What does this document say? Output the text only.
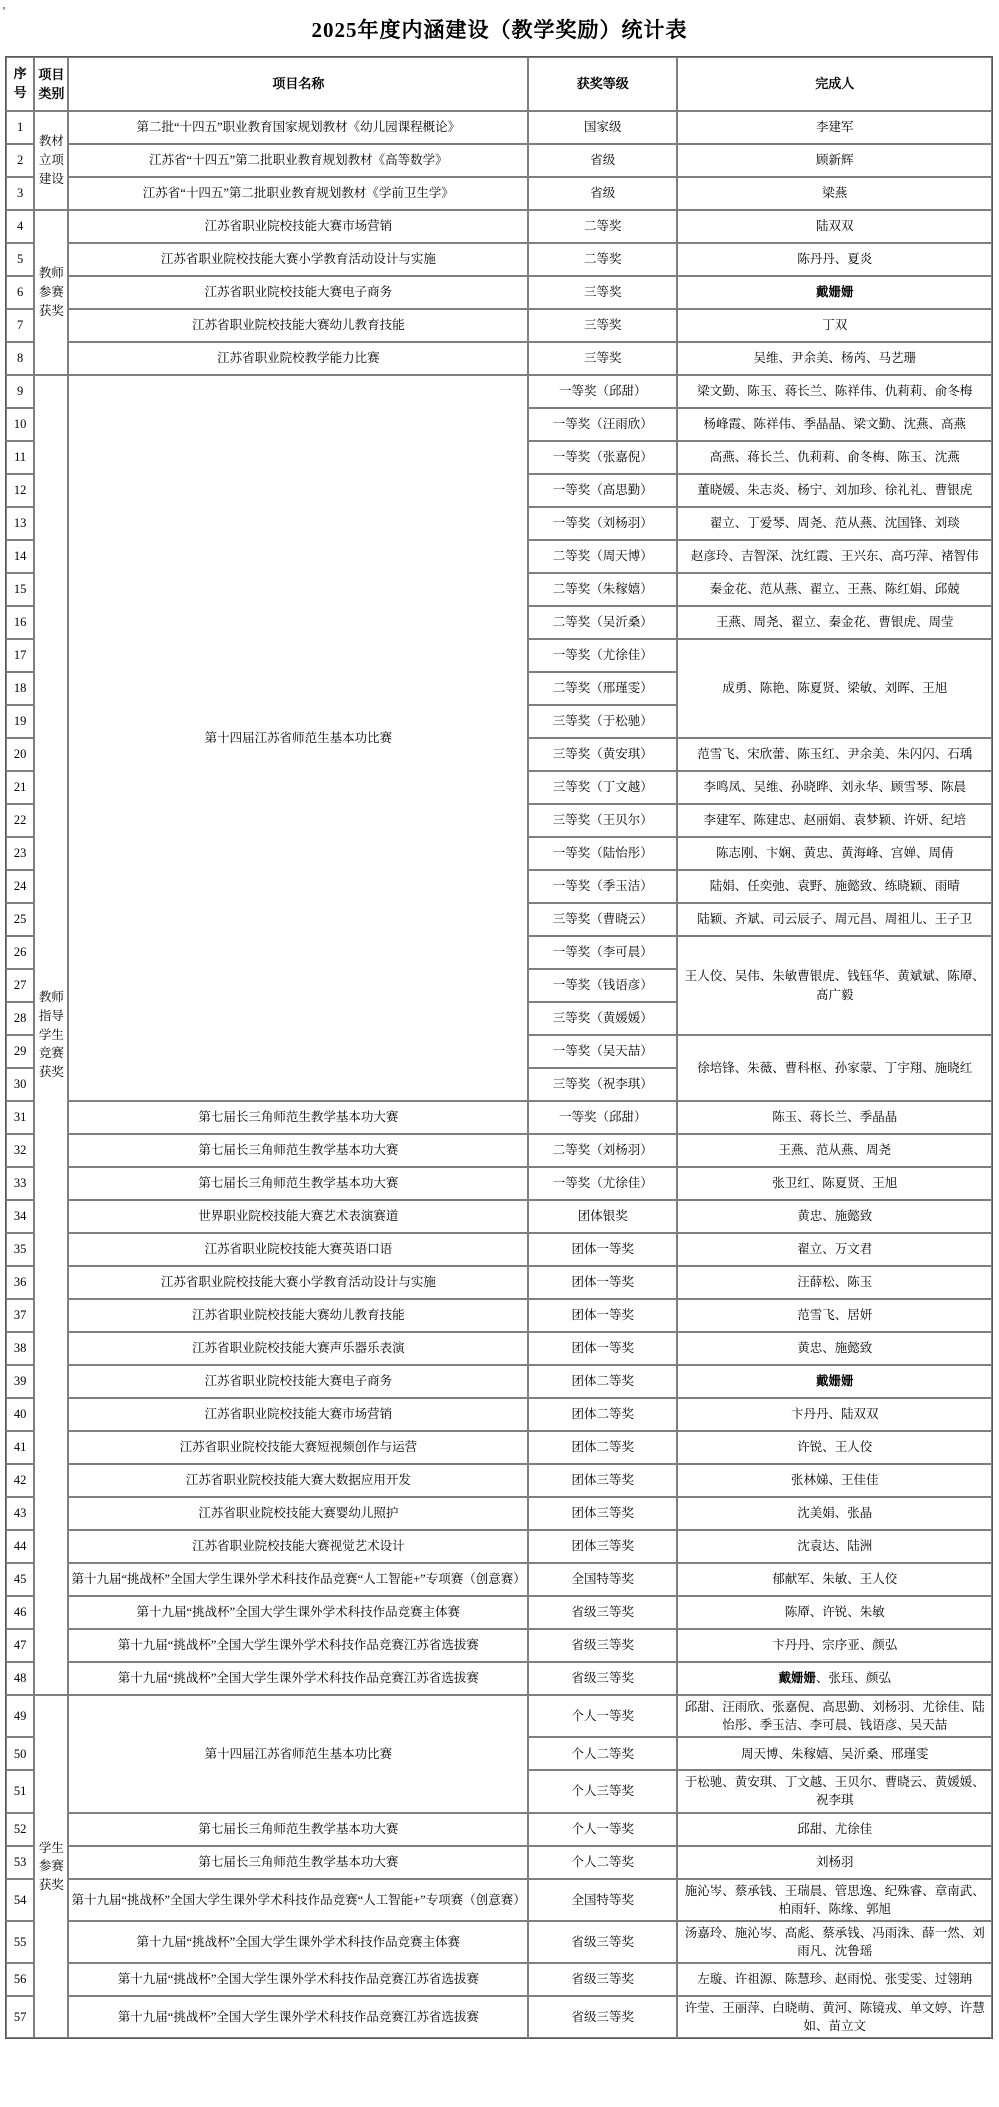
’
2025年度内涵建设（教学奖励）统计表
序号	项目类别	项目名称	获奖等级	完成人
1	教材立项建设	第二批“十四五”职业教育国家规划教材《幼儿园课程概论》	国家级	李建军
2		江苏省“十四五”第二批职业教育规划教材《高等数学》	省级	顾新辉
3		江苏省“十四五”第二批职业教育规划教材《学前卫生学》	省级	梁燕
4	教师参赛获奖	江苏省职业院校技能大赛市场营销	二等奖	陆双双
5		江苏省职业院校技能大赛小学教育活动设计与实施	二等奖	陈丹丹、夏炎
6		江苏省职业院校技能大赛电子商务	三等奖	戴姗姗
7		江苏省职业院校技能大赛幼儿教育技能	三等奖	丁双
8		江苏省职业院校教学能力比赛	三等奖	吴维、尹余美、杨芮、马艺珊
9	教师指导学生竞赛获奖	第十四届江苏省师范生基本功比赛	一等奖（邱甜）	梁文勤、陈玉、蒋长兰、陈祥伟、仇莉莉、俞冬梅
10			一等奖（汪雨欣）	杨峰霞、陈祥伟、季晶晶、梁文勤、沈燕、高燕
11			一等奖（张嘉倪）	高燕、蒋长兰、仇莉莉、俞冬梅、陈玉、沈燕
12			一等奖（高思勤）	董晓媛、朱志炎、杨宁、刘加珍、徐礼礼、曹银虎
13			一等奖（刘杨羽）	翟立、丁爱琴、周尧、范从燕、沈国锋、刘琰
14			二等奖（周天博）	赵彦玲、吉智深、沈红霞、王兴东、高巧萍、褚智伟
15			二等奖（朱稼嬉）	秦金花、范从燕、翟立、王燕、陈红娟、邱兢
16			二等奖（吴沂桑）	王燕、周尧、翟立、秦金花、曹银虎、周莹
17			一等奖（尤徐佳）	成勇、陈艳、陈夏贤、梁敏、刘晖、王旭
18			二等奖（邢瑾雯）	
19			三等奖（于松驰）	
20			三等奖（黄安琪）	范雪飞、宋欣蕾、陈玉红、尹余美、朱闪闪、石瑀
21			三等奖（丁文越）	李鸣凤、吴维、孙晓晔、刘永华、顾雪琴、陈晨
22			三等奖（王贝尔）	李建军、陈建忠、赵丽娟、袁梦颖、许妍、纪培
23			一等奖（陆怡彤）	陈志刚、卞娴、黄忠、黄海峰、宫婵、周倩
24			一等奖（季玉洁）	陆娟、任奕弛、袁野、施懿致、练晓颖、雨晴
25			三等奖（曹晓云）	陆颖、齐斌、司云辰子、周元昌、周祖儿、王子卫
26			一等奖（李可晨）	王人佼、吴伟、朱敏曹银虎、钱钰华、黄斌斌、陈厣、髙广毅
27			一等奖（钱语彦）	
28			三等奖（黄媛媛）	
29			一等奖（吴天喆）	徐培锋、朱薇、曹科枢、孙家蒙、丁宇翔、施晓红
30			三等奖（祝李琪）	
31		第七届长三角师范生教学基本功大赛	一等奖（邱甜）	陈玉、蒋长兰、季晶晶
32		第七届长三角师范生教学基本功大赛	二等奖（刘杨羽）	王燕、范从燕、周尧
33		第七届长三角师范生教学基本功大赛	一等奖（尤徐佳）	张卫红、陈夏贤、王旭
34		世界职业院校技能大赛艺术表演赛道	团体银奖	黄忠、施懿致
35		江苏省职业院校技能大赛英语口语	团体一等奖	翟立、万文君
36		江苏省职业院校技能大赛小学教育活动设计与实施	团体一等奖	汪薛松、陈玉
37		江苏省职业院校技能大赛幼儿教育技能	团体一等奖	范雪飞、居妍
38		江苏省职业院校技能大赛声乐器乐表演	团体一等奖	黄忠、施懿致
39		江苏省职业院校技能大赛电子商务	团体二等奖	戴姗姗
40		江苏省职业院校技能大赛市场营销	团体二等奖	卞丹丹、陆双双
41		江苏省职业院校技能大赛短视频创作与运营	团体二等奖	许锐、王人佼
42		江苏省职业院校技能大赛大数据应用开发	团体三等奖	张林娣、王佳佳
43		江苏省职业院校技能大赛婴幼儿照护	团体三等奖	沈美娟、张晶
44		江苏省职业院校技能大赛视觉艺术设计	团体三等奖	沈袁达、陆洲
45		第十九届“挑战杯”全国大学生课外学术科技作品竞赛“人工智能+”专项赛（创意赛）	全国特等奖	郁献军、朱敏、王人佼
46		第十九届“挑战杯”全国大学生课外学术科技作品竞赛主体赛	省级三等奖	陈厣、许锐、朱敏
47		第十九届“挑战杯”全国大学生课外学术科技作品竞赛江苏省选拔赛	省级三等奖	卞丹丹、宗序亚、颜弘
48		第十九届“挑战杯”全国大学生课外学术科技作品竞赛江苏省选拔赛	省级三等奖	戴姗姗、张珏、颜弘
49	学生参赛获奖	第十四届江苏省师范生基本功比赛	个人一等奖	邱甜、汪雨欣、张嘉倪、高思勤、刘杨羽、尤徐佳、陆怡彤、季玉洁、李可晨、钱语彦、吴天喆
50			个人二等奖	周天博、朱稼嬉、吴沂桑、邢瑾雯
51			个人三等奖	于松驰、黄安琪、丁文越、王贝尔、曹晓云、黄媛媛、祝李琪
52		第七届长三角师范生教学基本功大赛	个人一等奖	邱甜、尤徐佳
53		第七届长三角师范生教学基本功大赛	个人二等奖	刘杨羽
54		第十九届“挑战杯”全国大学生课外学术科技作品竞赛“人工智能+”专项赛（创意赛）	全国特等奖	施沁岑、蔡承钱、王瑞晨、管思逸、纪殊睿、章南武、柏雨轩、陈缘、郭旭
55		第十九届“挑战杯”全国大学生课外学术科技作品竞赛主体赛	省级三等奖	汤嘉玲、施沁岑、高彪、蔡承钱、冯雨洙、薛一然、刘雨凡、沈鲁瑶
56		第十九届“挑战杯”全国大学生课外学术科技作品竞赛江苏省选拔赛	省级三等奖	左璇、许祖源、陈慧珍、赵雨悦、张雯雯、过翎珃
57		第十九届“挑战杯”全国大学生课外学术科技作品竞赛江苏省选拔赛	省级三等奖	许莹、王丽萍、白晓萌、黄河、陈镜戎、单文婷、许慧如、苗立文
